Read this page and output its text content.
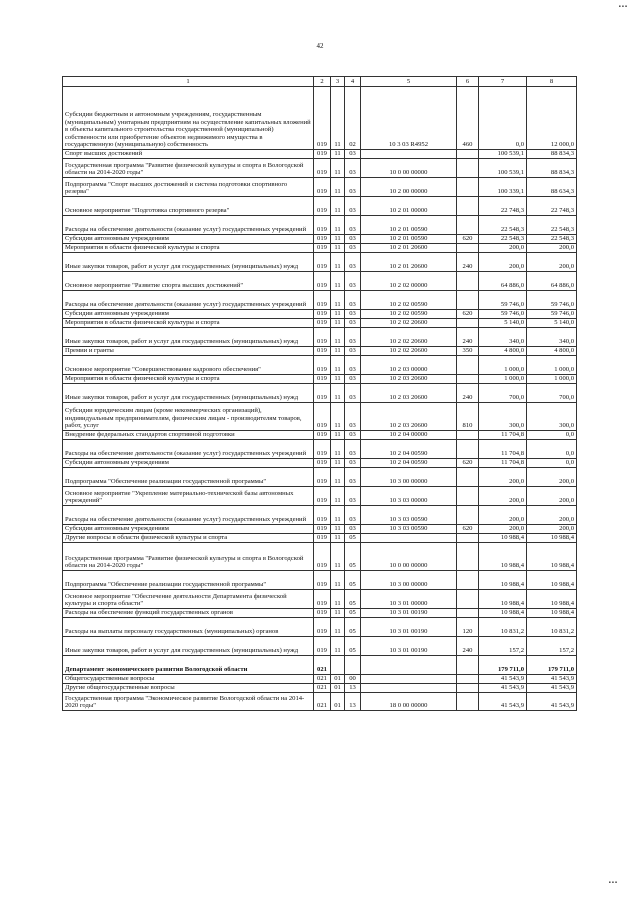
▪▪▪
42
1	2	3	4	5	6	7	8
Субсидии бюджетным и автономным учреждениям, государственным (муниципальным) унитарным предприятиям на осуществление капитальных вложений в объекты капитального строительства государственной (муниципальной) собственности или приобретение объектов недвижимого имущества в государственную (муниципальную) собственность	019	11	02	10 3 03 R4952	460	0,0	12 000,0
Спорт высших достижений	019	11	03			100 539,1	88 834,3
Государственная программа "Развитие физической культуры и спорта в Вологодской области на 2014-2020 годы"	019	11	03	10 0 00 00000		100 539,1	88 834,3
Подпрограмма "Спорт высших достижений и система подготовки спортивного резерва"	019	11	03	10 2 00 00000		100 339,1	88 634,3
Основное мероприятие "Подготовка спортивного резерва"	019	11	03	10 2 01 00000		22 748,3	22 748,3
Расходы на обеспечение деятельности (оказание услуг) государственных учреждений	019	11	03	10 2 01 00590		22 548,3	22 548,3
Субсидии автономным учреждениям	019	11	03	10 2 01 00590	620	22 548,3	22 548,3
Мероприятия в области физической культуры и спорта	019	11	03	10 2 01 20600		200,0	200,0
Иные закупки товаров, работ и услуг для государственных (муниципальных) нужд	019	11	03	10 2 01 20600	240	200,0	200,0
Основное мероприятие "Развитие спорта высших достижений"	019	11	03	10 2 02 00000		64 886,0	64 886,0
Расходы на обеспечение деятельности (оказание услуг) государственных учреждений	019	11	03	10 2 02 00590		59 746,0	59 746,0
Субсидии автономным учреждениям	019	11	03	10 2 02 00590	620	59 746,0	59 746,0
Мероприятия в области физической культуры и спорта	019	11	03	10 2 02 20600		5 140,0	5 140,0
Иные закупки товаров, работ и услуг для государственных (муниципальных) нужд	019	11	03	10 2 02 20600	240	340,0	340,0
Премии и гранты	019	11	03	10 2 02 20600	350	4 800,0	4 800,0
Основное мероприятие "Совершенствование кадрового обеспечения"	019	11	03	10 2 03 00000		1 000,0	1 000,0
Мероприятия в области физической культуры и спорта	019	11	03	10 2 03 20600		1 000,0	1 000,0
Иные закупки товаров, работ и услуг для государственных (муниципальных) нужд	019	11	03	10 2 03 20600	240	700,0	700,0
Субсидии юридическим лицам (кроме некоммерческих организаций), индивидуальным предпринимателям, физическим лицам - производителям товаров, работ, услуг	019	11	03	10 2 03 20600	810	300,0	300,0
Внедрение федеральных стандартов спортивной подготовки	019	11	03	10 2 04 00000		11 704,8	0,0
Расходы на обеспечение деятельности (оказание услуг) государственных учреждений	019	11	03	10 2 04 00590		11 704,8	0,0
Субсидии автономным учреждениям	019	11	03	10 2 04 00590	620	11 704,8	0,0
Подпрограмма "Обеспечение реализации государственной программы"	019	11	03	10 3 00 00000		200,0	200,0
Основное мероприятие "Укрепление материально-технической базы автономных учреждений"	019	11	03	10 3 03 00000		200,0	200,0
Расходы на обеспечение деятельности (оказание услуг) государственных учреждений	019	11	03	10 3 03 00590		200,0	200,0
Субсидии автономным учреждениям	019	11	03	10 3 03 00590	620	200,0	200,0
Другие вопросы в области физической культуры и спорта	019	11	05			10 988,4	10 988,4
Государственная программа "Развитие физической культуры и спорта в Вологодской области на 2014-2020 годы"	019	11	05	10 0 00 00000		10 988,4	10 988,4
Подпрограмма "Обеспечение реализации государственной программы"	019	11	05	10 3 00 00000		10 988,4	10 988,4
Основное мероприятие "Обеспечение деятельности Департамента физической культуры и спорта области"	019	11	05	10 3 01 00000		10 988,4	10 988,4
Расходы на обеспечение функций государственных органов	019	11	05	10 3 01 00190		10 988,4	10 988,4
Расходы на выплаты персоналу государственных (муниципальных) органов	019	11	05	10 3 01 00190	120	10 831,2	10 831,2
Иные закупки товаров, работ и услуг для государственных (муниципальных) нужд	019	11	05	10 3 01 00190	240	157,2	157,2
Департамент экономического развития Вологодской области	021					179 711,0	179 711,0
Общегосударственные вопросы	021	01	00			41 543,9	41 543,9
Другие общегосударственные вопросы	021	01	13			41 543,9	41 543,9
Государственная программа "Экономическое развитие Вологодской области на 2014-2020 годы"	021	01	13	18 0 00 00000		41 543,9	41 543,9
▪▪▪
